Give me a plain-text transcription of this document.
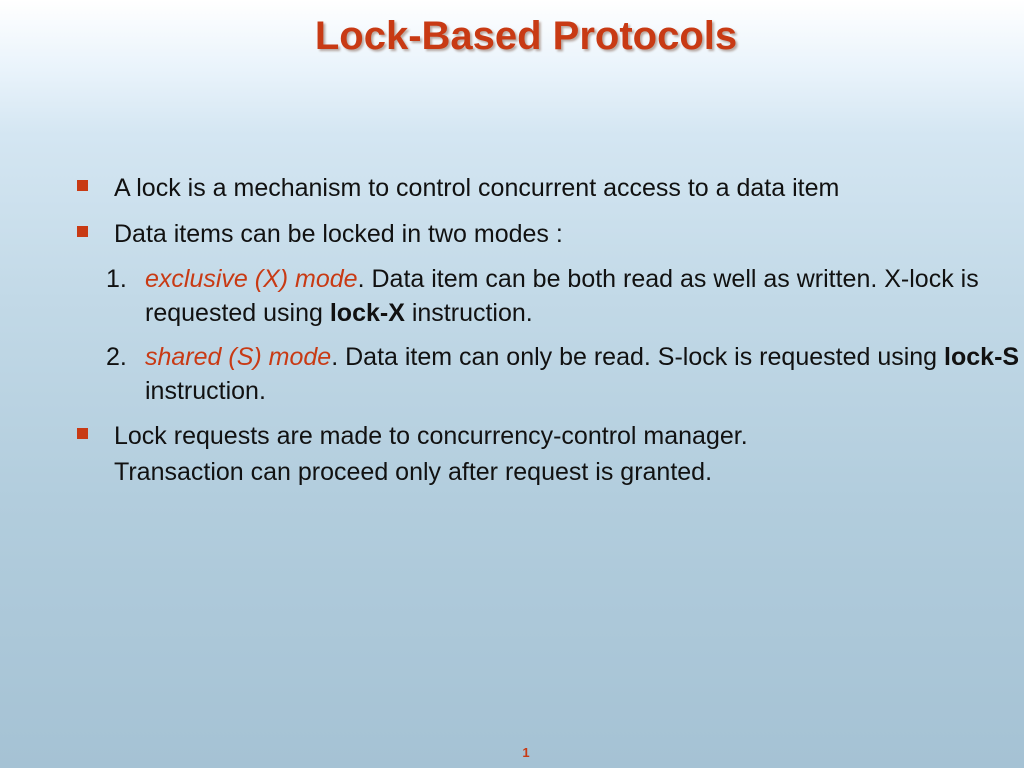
Lock-Based Protocols
A lock is a mechanism to control concurrent access to a data item
Data items can be locked in two modes :
1. exclusive (X) mode. Data item can be both read as well as written. X-lock is requested using lock-X instruction.
2. shared (S) mode. Data item can only be read. S-lock is requested using lock-S instruction.
Lock requests are made to concurrency-control manager.
Transaction can proceed only after request is granted.
1
